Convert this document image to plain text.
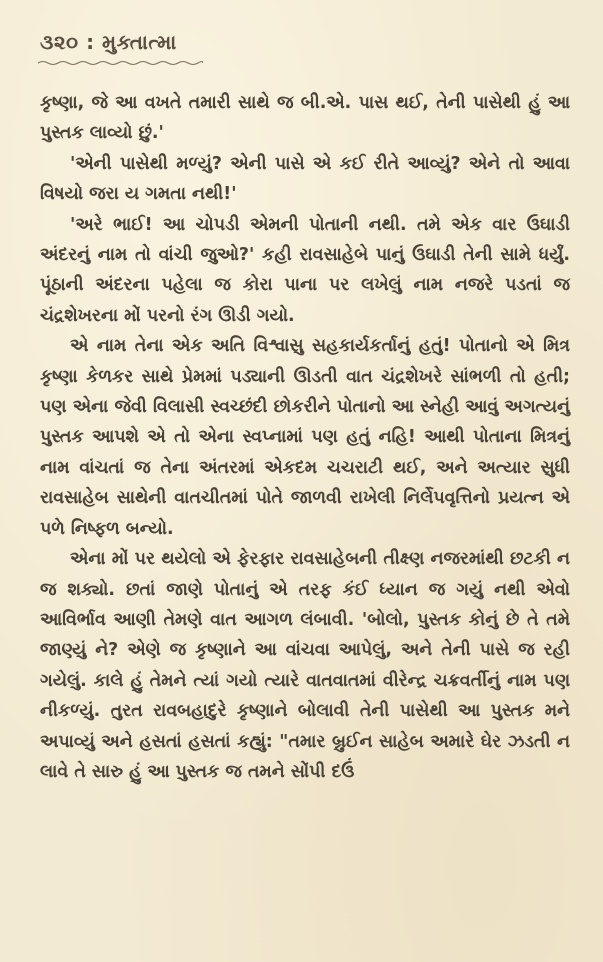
૩૨૦ : મુક્તાત્મા

કૃષ્ણા, જે આ વખતે તમારી સાથે જ બી.એ. પાસ થઈ, તેની પાસેથી હું આ પુસ્તક લાવ્યો છું.'

'એની પાસેથી મળ્યું? એની પાસે એ કઈ રીતે આવ્યું? એને તો આવા વિષયો જરા ય ગમતા નથી!'

'અરે ભાઈ! આ ચોપડી એમની પોતાની નથી. તમે એક વાર ઉઘાડી અંદરનું નામ તો વાંચી જુઓ?' કહી રાવસાહેબે પાનું ઉઘાડી તેની સામે ધર્યું. પૂંઠાની અંદરના પહેલા જ કોરા પાના પર લખેલું નામ નજરે પડતાં જ ચંદ્રશેખરના મોં પરનો રંગ ઊડી ગયો.

એ નામ તેના એક અતિ વિશ્વાસુ સહકાર્યકર્તાનું હતું! પોતાનો એ મિત્ર કૃષ્ણા કેળકર સાથે પ્રેમમાં પડ્યાની ઊડતી વાત ચંદ્રશેખરે સાંભળી તો હતી; પણ એના જેવી વિલાસી સ્વચ્છંદી છોકરીને પોતાનો આ સ્નેહી આવું અગત્યનું પુસ્તક આપશે એ તો એના સ્વપ્નામાં પણ હતું નહિ! આથી પોતાના મિત્રનું નામ વાંચતાં જ તેના અંતરમાં એકદમ ચચરાટી થઈ, અને અત્યાર સુધી રાવસાહેબ સાથેની વાતચીતમાં પોતે જાળવી રાખેલી નિર્લેપવૃત્તિનો પ્રયત્ન એ પળે નિષ્ફળ બન્યો.

એના મોં પર થયેલો એ ફેરફાર રાવસાહેબની તીક્ષ્ણ નજરમાંથી છટકી ન જ શક્યો. છતાં જાણે પોતાનું એ તરફ કંઈ ધ્યાન જ ગયું નથી એવો આવિર્ભાવ આણી તેમણે વાત આગળ લંબાવી. 'બોલો, પુસ્તક કોનું છે તે તમે જાણ્યું ને? એણે જ કૃષ્ણાને આ વાંચવા આપેલું, અને તેની પાસે જ રહી ગયેલું. કાલે હું તેમને ત્યાં ગયો ત્યારે વાતવાતમાં વીરેન્દ્ર ચક્રવર્તીનું નામ પણ નીકળ્યું. તુરત રાવબહાદુરે કૃષ્ણાને બોલાવી તેની પાસેથી આ પુસ્તક મને અપાવ્યું અને હસતાં હસતાં કહ્યું: "તમાર બ્રુઈન સાહેબ અમારે ઘેર ઝડતી ન લાવે તે સારુ હું આ પુસ્તક જ તમને સોંપી દઉં
